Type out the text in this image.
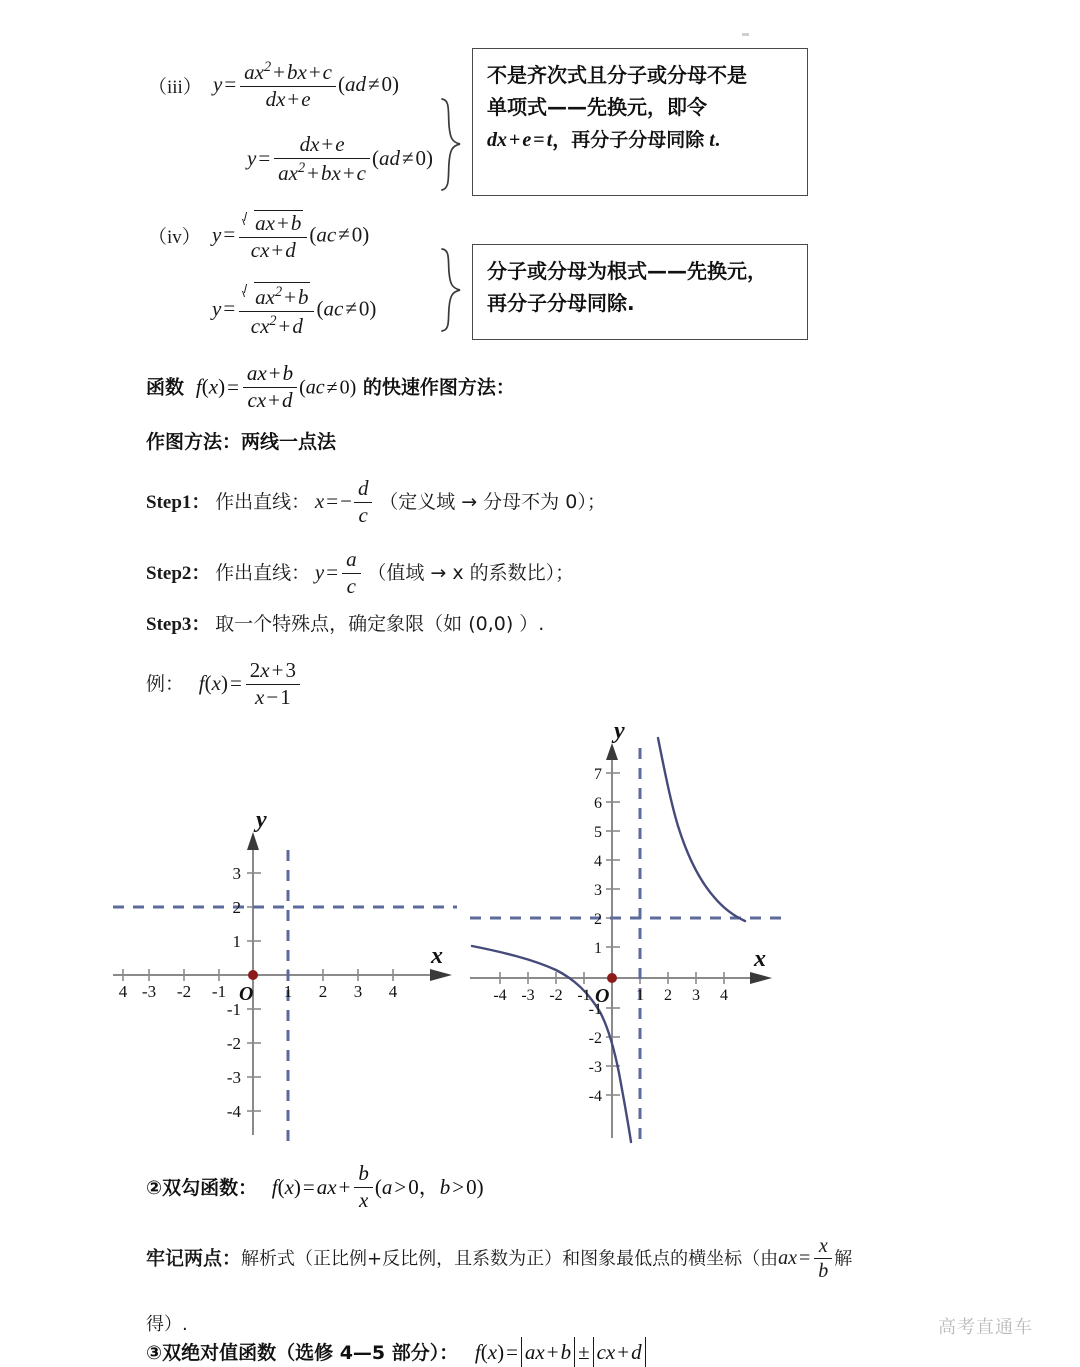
（iii） $y= \frac{ax^2+bx+c}{dx+e} (ad\ne 0)$
$y= \frac{dx+e}{ax^2+bx+c} (ad\ne 0)$
不是齐次式且分子或分母不是
单项式——先换元，即令
dx + e = t，再分子分母同除 t.
（iv） $y= \frac{ax+b}{cx+d} (ac\ne 0)$
$y= \frac{ax^2+b}{cx^2+d} (ac\ne 0)$
分子或分母为根式——先换元，
再分子分母同除.
函数  $f(x)= \frac{ax+b}{cx+d} (ac \ne 0)$ 的快速作图方法：
作图方法：两线一点法
Step1： 作出直线： $x=- \frac{d}{c}$ （定义域 → 分母不为 0）；
Step2： 作出直线： $y= \frac{a}{c}$ （值域 → x 的系数比）；
Step3： 取一个特殊点，确定象限（如 (0,0) ）.
例： $f(x)= \frac{2x+3}{x-1}$
y
x
O
4 -3 -2 -1	1 2 3 4
3
2
1
-1
-2
-3
-4
y
x
O
-4 -3 -2 -1	1 2 3 4
7
6
5
4
3
2
1
-1
-2
-3
-4
②双勾函数： $f(x)=ax+ \frac{b}{x} (a>0$，b>0)
牢记两点：解析式（正比例+反比例，且系数为正）和图象最低点的横坐标（由ax = $\frac{x}{b}$ 解
得）.
③双绝对值函数（选修 4—5 部分）： f(x)= ax+b ± cx+d
高考直通车
